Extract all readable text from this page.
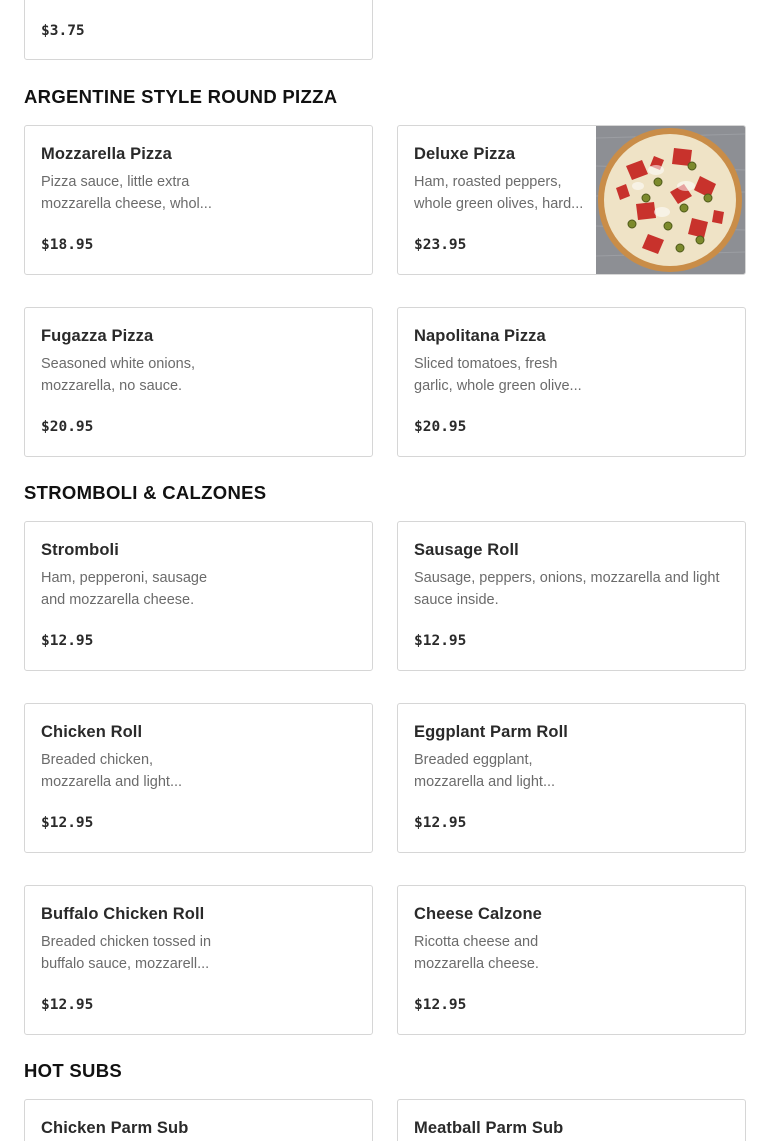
$3.75
ARGENTINE STYLE ROUND PIZZA
Mozzarella Pizza
Pizza sauce, little extra mozzarella cheese, whol...
$18.95
Deluxe Pizza
Ham, roasted peppers, whole green olives, hard...
$23.95
Fugazza Pizza
Seasoned white onions, mozzarella, no sauce.
$20.95
Napolitana Pizza
Sliced tomatoes, fresh garlic, whole green olive...
$20.95
STROMBOLI & CALZONES
Stromboli
Ham, pepperoni, sausage and mozzarella cheese.
$12.95
Sausage Roll
Sausage, peppers, onions, mozzarella and light sauce inside.
$12.95
Chicken Roll
Breaded chicken, mozzarella and light...
$12.95
Eggplant Parm Roll
Breaded eggplant, mozzarella and light...
$12.95
Buffalo Chicken Roll
Breaded chicken tossed in buffalo sauce, mozzarell...
$12.95
Cheese Calzone
Ricotta cheese and mozzarella cheese.
$12.95
HOT SUBS
Chicken Parm Sub	Meatball Parm Sub
